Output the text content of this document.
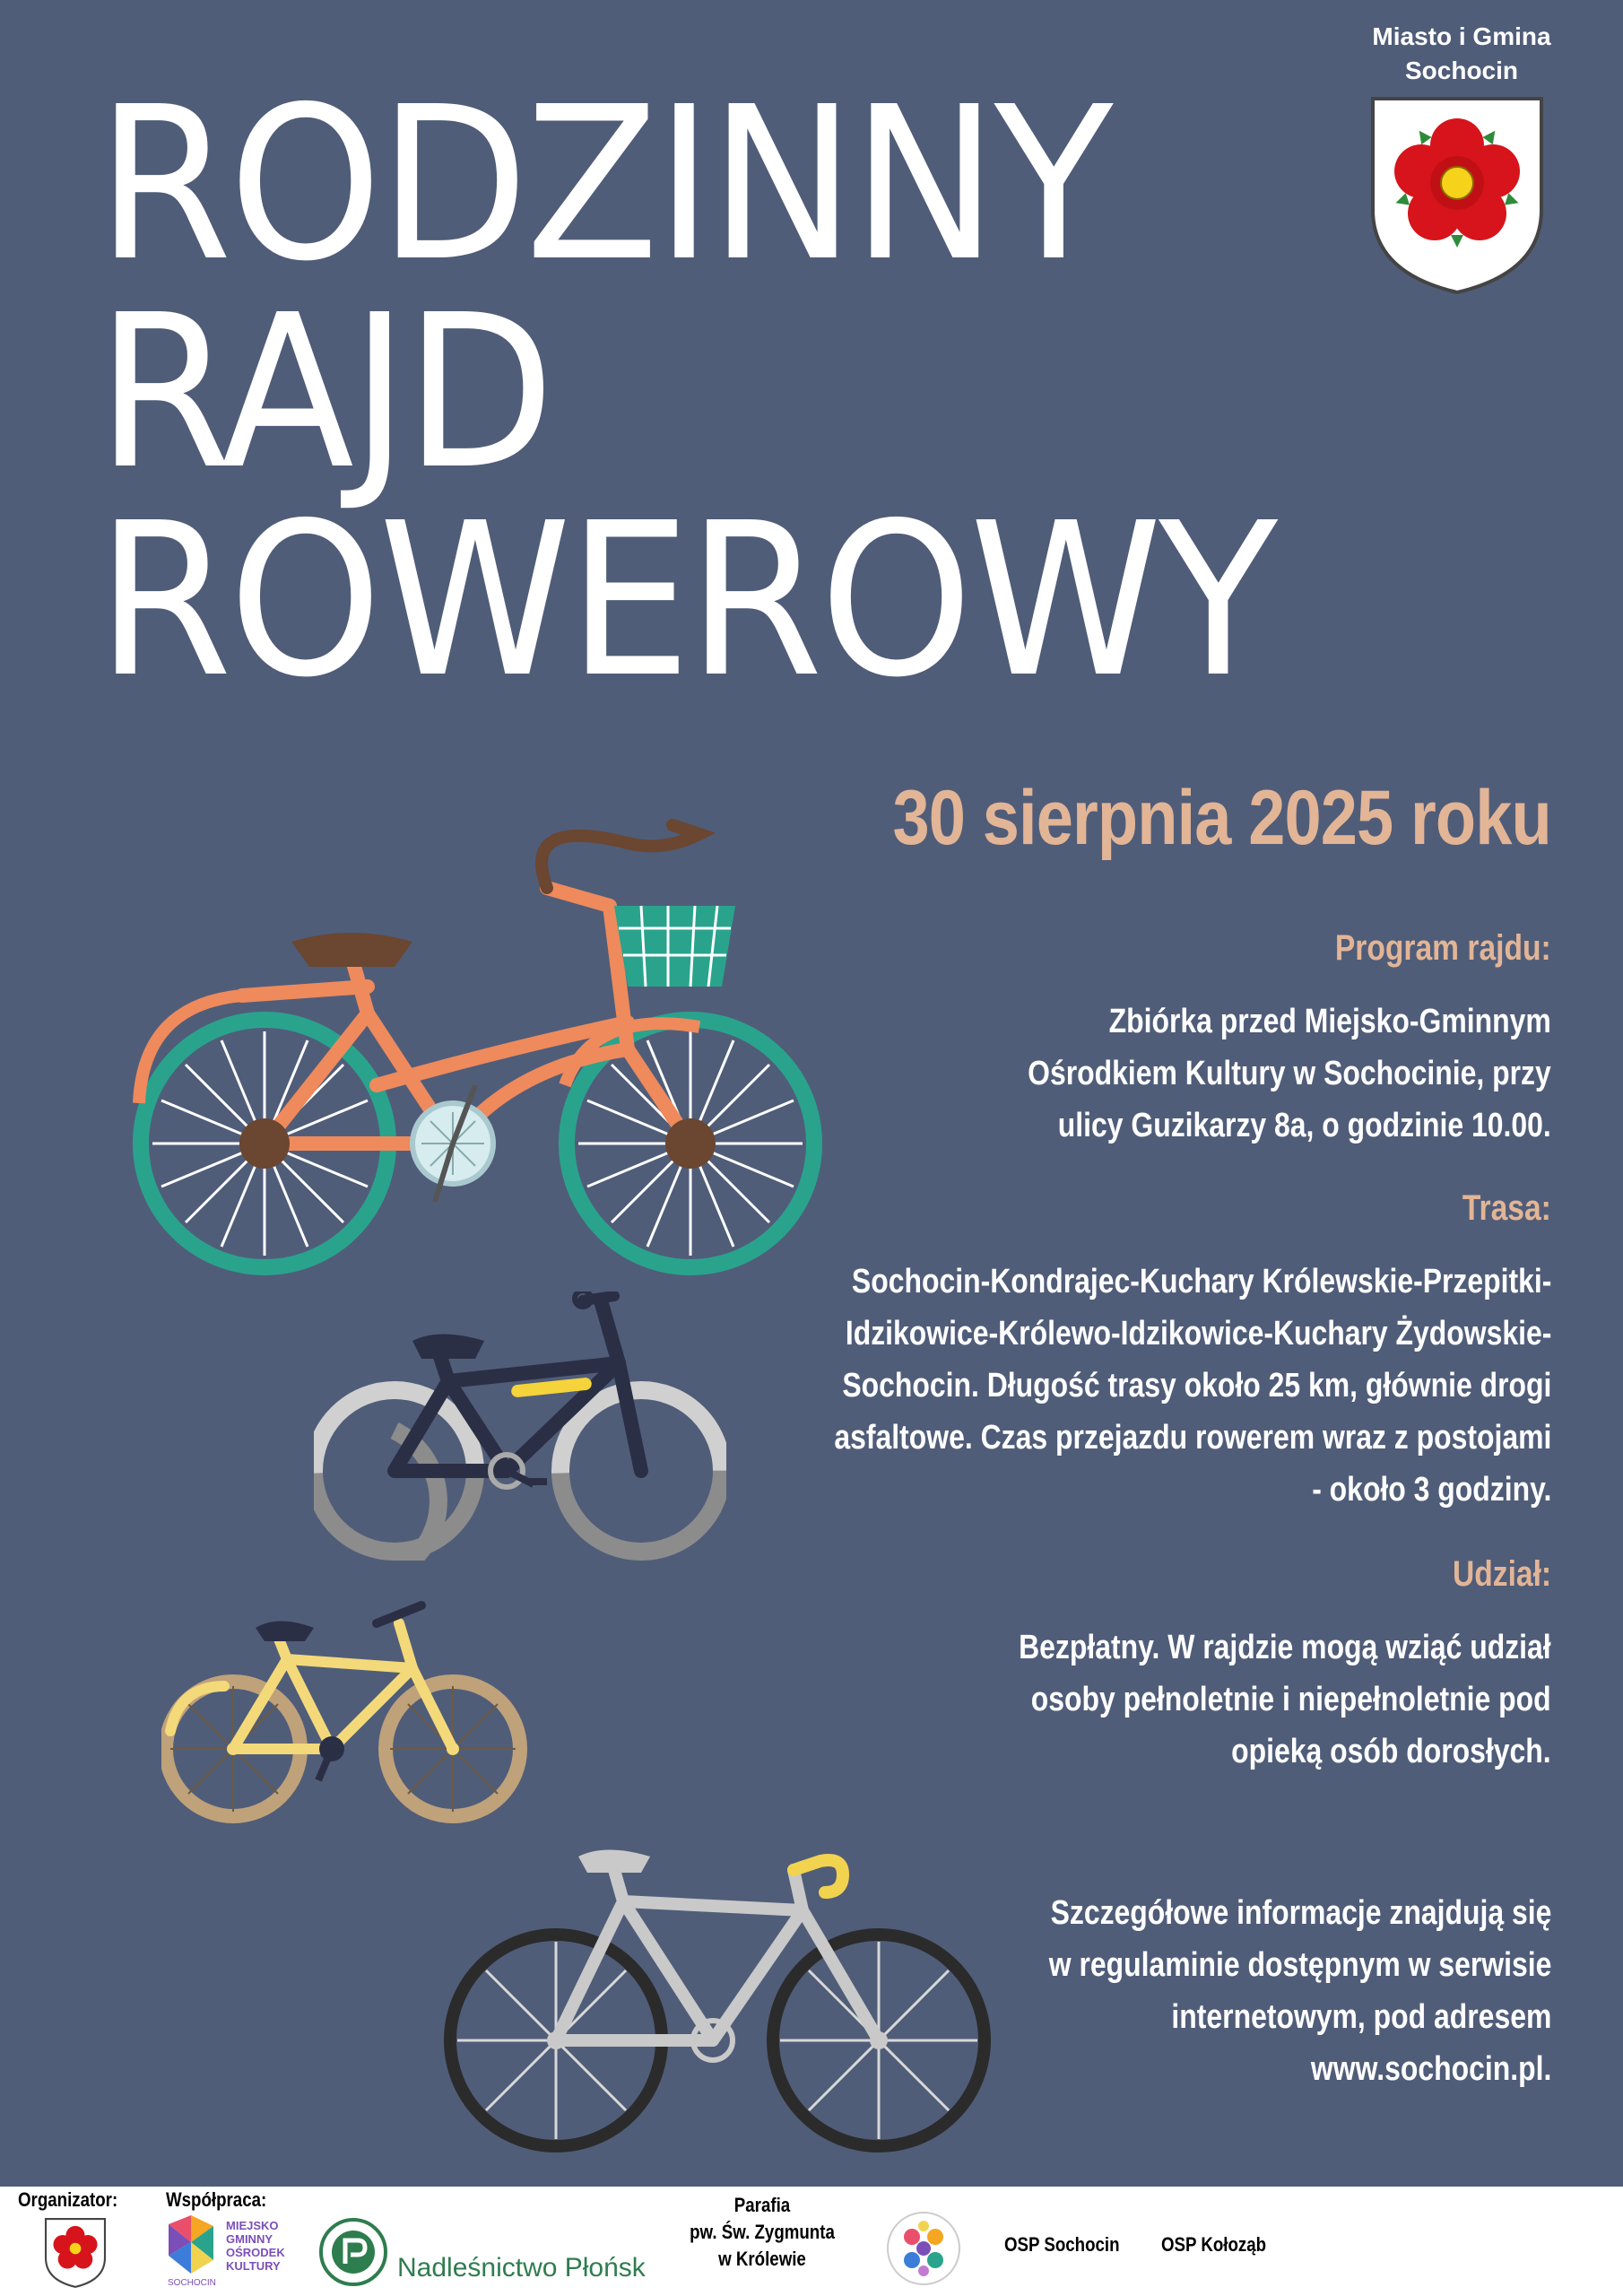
RODZINNY
RAJD
ROWEROWY
Miasto i Gmina
Sochocin
30 sierpnia 2025 roku
Program rajdu:
Zbiórka przed Miejsko-Gminnym
Ośrodkiem Kultury w Sochocinie, przy
ulicy Guzikarzy 8a, o godzinie 10.00.
Trasa:
Sochocin-Kondrajec-Kuchary Królewskie-Przepitki-
Idzikowice-Królewo-Idzikowice-Kuchary Żydowskie-
Sochocin. Długość trasy około 25 km, głównie drogi
asfaltowe. Czas przejazdu rowerem wraz z postojami
- około 3 godziny.
Udział:
Bezpłatny. W rajdzie mogą wziąć udział
osoby pełnoletnie i niepełnoletnie pod
opieką osób dorosłych.
Szczegółowe informacje znajdują się
w regulaminie dostępnym w serwisie
internetowym, pod adresem
www.sochocin.pl.
Organizator: Współpraca:
MIEJSKO
GMINNY
OŚRODEK
KULTURY
SOCHOCIN
Nadleśnictwo Płońsk
Parafia
pw. Św. Zygmunta
w Królewie
OSP Sochocin OSP Kołoząb
